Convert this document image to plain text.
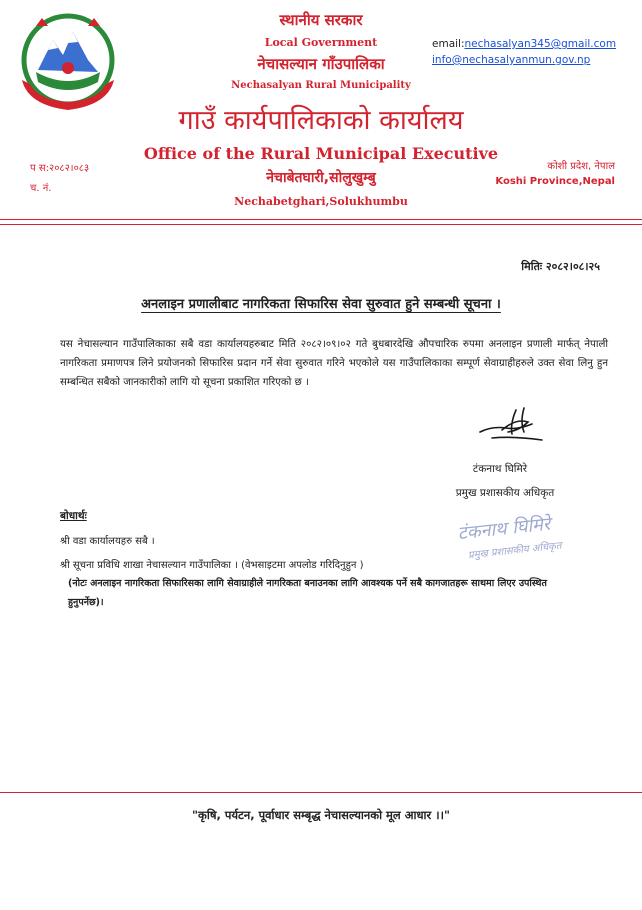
स्थानीय सरकार
Local Government
नेचासल्यान गाँउपालिका
Nechasalyan Rural Municipality
गाउँ कार्यपालिकाको कार्यालय
Office of the Rural Municipal Executive
नेचाबेतघारी,सोलुखुम्बु
Nechabetghari,Solukhumbu
email:nechasalyan345@gmail.com
info@nechasalyanmun.gov.np
प स:२०८२।०८३
च. नं.
कोशी प्रदेश, नेपाल
Koshi Province,Nepal
मितिः २०८२।०८।२५
अनलाइन प्रणालीबाट नागरिकता सिफारिस सेवा सुरुवात हुने सम्बन्धी सूचना ।
यस नेचासल्यान गाउँपालिकाका सबै वडा कार्यालयहरुबाट मिति २०८२।०९।०२ गते बुधबारदेखि औपचारिक रुपमा अनलाइन प्रणाली मार्फत् नेपाली नागरिकता प्रमाणपत्र लिने प्रयोजनको सिफारिस प्रदान गर्ने सेवा सुरुवात गरिने भएकोले यस गाउँपालिकाका सम्पूर्ण सेवाग्राहीहरुले उक्त सेवा लिनु हुन सम्बन्धित सबैको जानकारीको लागि यो सूचना प्रकाशित गरिएको छ ।
टंकनाथ घिमिरे
प्रमुख प्रशासकीय अधिकृत
टंकनाथ घिमिरे
प्रमुख प्रशासकीय अधिकृत
बोधार्थः
श्री वडा कार्यालयहरु सबै ।
श्री सूचना प्रविधि शाखा नेचासल्यान गाउँपालिका । (वेभसाइटमा अपलोड गरिदिनुहुन )
(नोटः अनलाइन नागरिकता सिफारिसका लागि सेवाग्राहीले नागरिकता बनाउनका लागि आवश्यक पर्ने सबै कागजातहरू साथमा लिएर उपस्थित हुनुपर्नेछ)।
"कृषि, पर्यटन, पूर्वाधार सम्बृद्ध नेचासल्यानको मूल आधार ।।"
